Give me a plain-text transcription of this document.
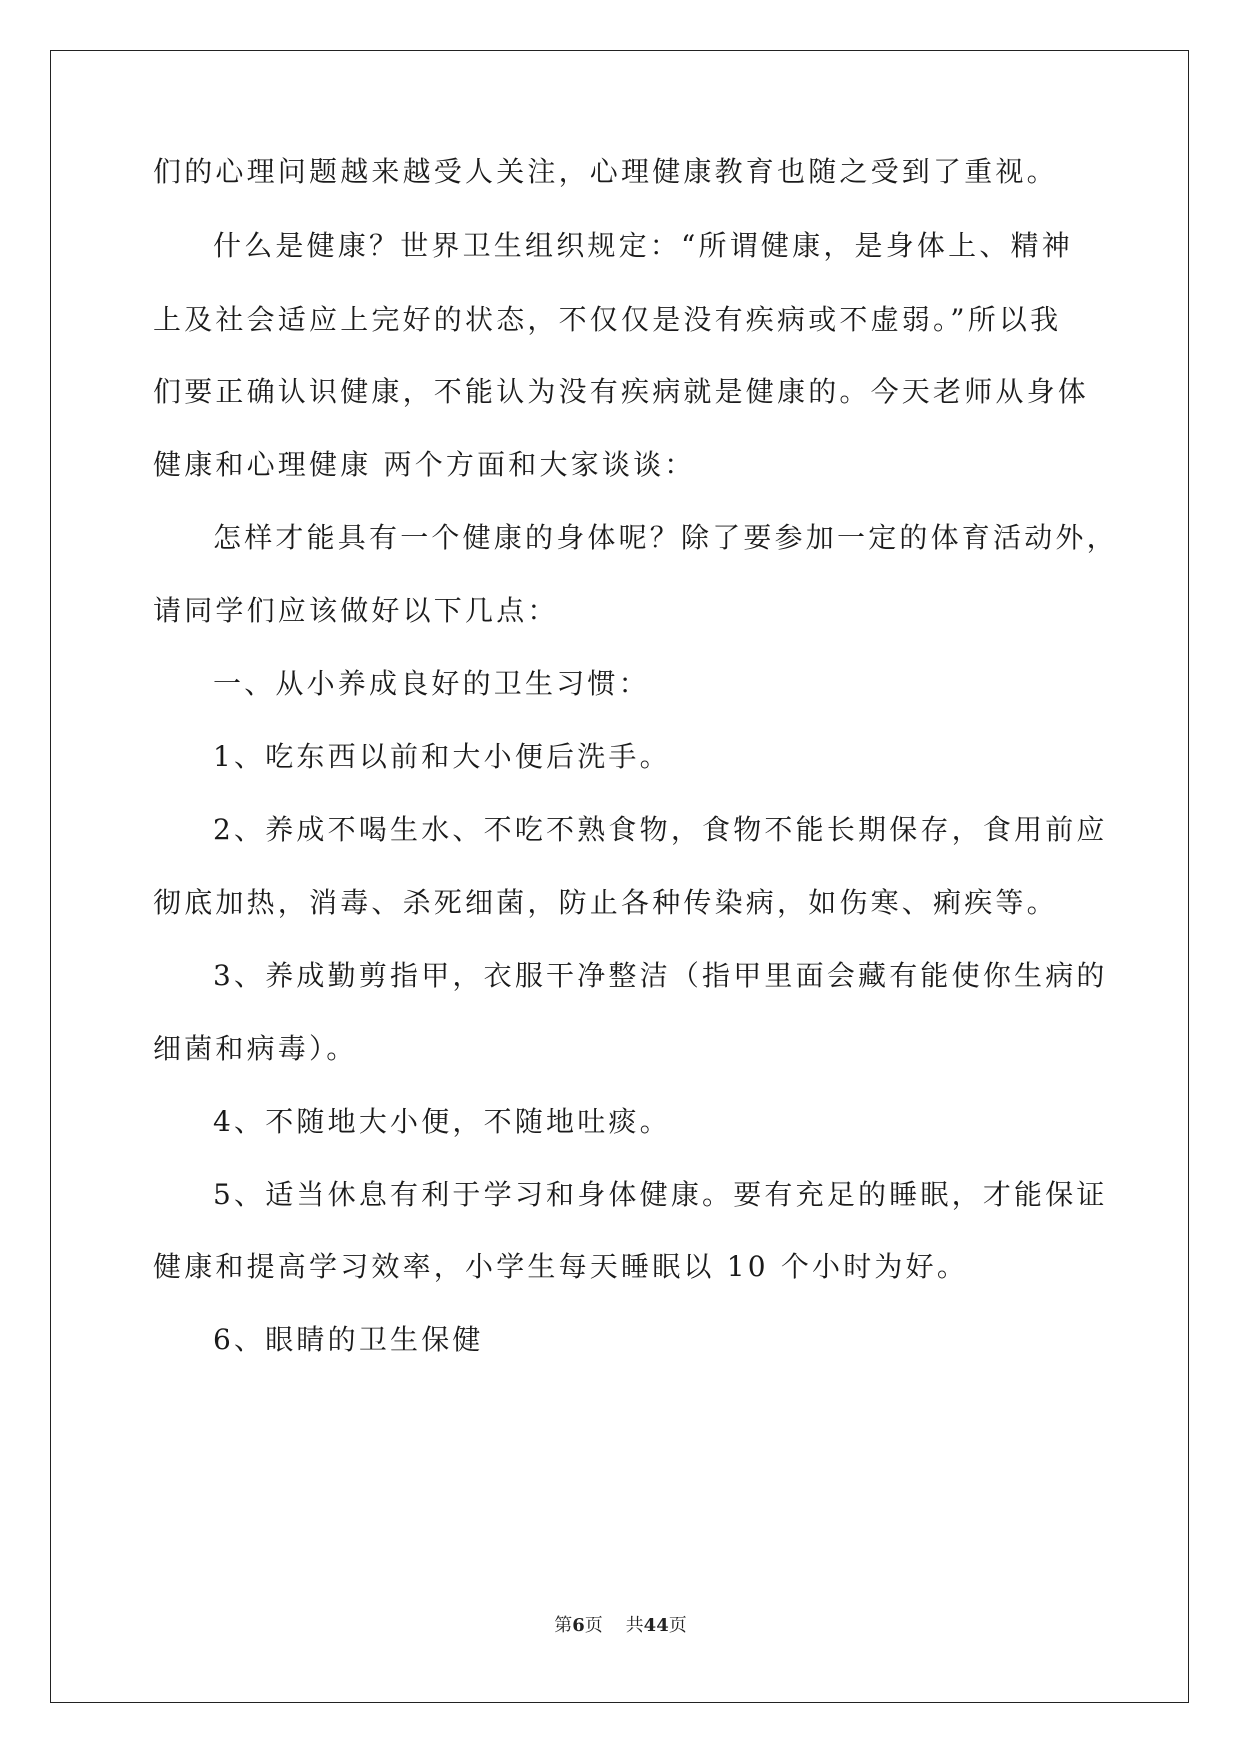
们的心理问题越来越受人关注，心理健康教育也随之受到了重视。
什么是健康？世界卫生组织规定：“所谓健康，是身体上、精神
上及社会适应上完好的状态，不仅仅是没有疾病或不虚弱。”所以我
们要正确认识健康，不能认为没有疾病就是健康的。今天老师从身体
健康和心理健康 两个方面和大家谈谈：
怎样才能具有一个健康的身体呢？除了要参加一定的体育活动外，
请同学们应该做好以下几点：
一、从小养成良好的卫生习惯：
1、吃东西以前和大小便后洗手。
2、养成不喝生水、不吃不熟食物，食物不能长期保存，食用前应
彻底加热，消毒、杀死细菌，防止各种传染病，如伤寒、痢疾等。
3、养成勤剪指甲，衣服干净整洁（指甲里面会藏有能使你生病的
细菌和病毒）。
4、不随地大小便，不随地吐痰。
5、适当休息有利于学习和身体健康。要有充足的睡眠，才能保证
健康和提高学习效率，小学生每天睡眠以 10 个小时为好。
6、眼睛的卫生保健
第6页    共44页
